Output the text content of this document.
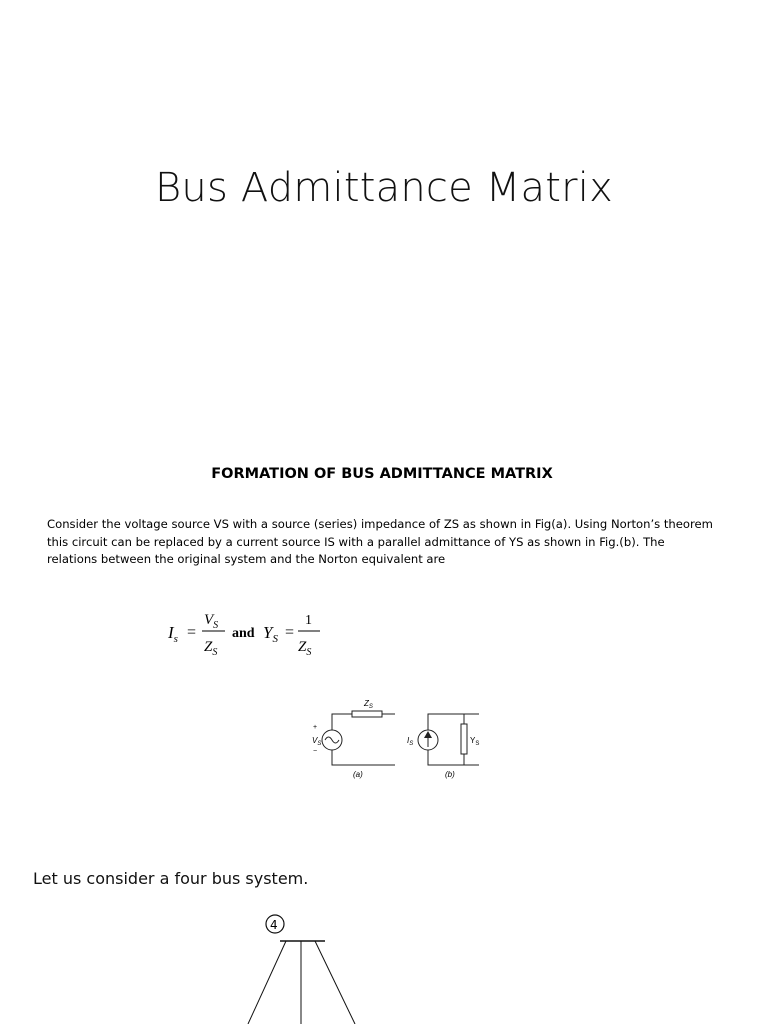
Bus Admittance Matrix
FORMATION OF BUS ADMITTANCE MATRIX
Consider the voltage source VS with a source (series) impedance of ZS as shown in Fig(a). Using Norton’s theorem
this circuit can be replaced by a current source IS with a parallel admittance of YS as shown in Fig.(b). The
relations between the original system and the Norton equivalent are
$I_s$ =
$V_S$
$Z_S$
and $Y_S$ =
1
$Z_S$
$Z_S$
+
$V_S$
−
(a)
$I_S$	$Y_S$
(b)
Let us consider a four bus system.
4
